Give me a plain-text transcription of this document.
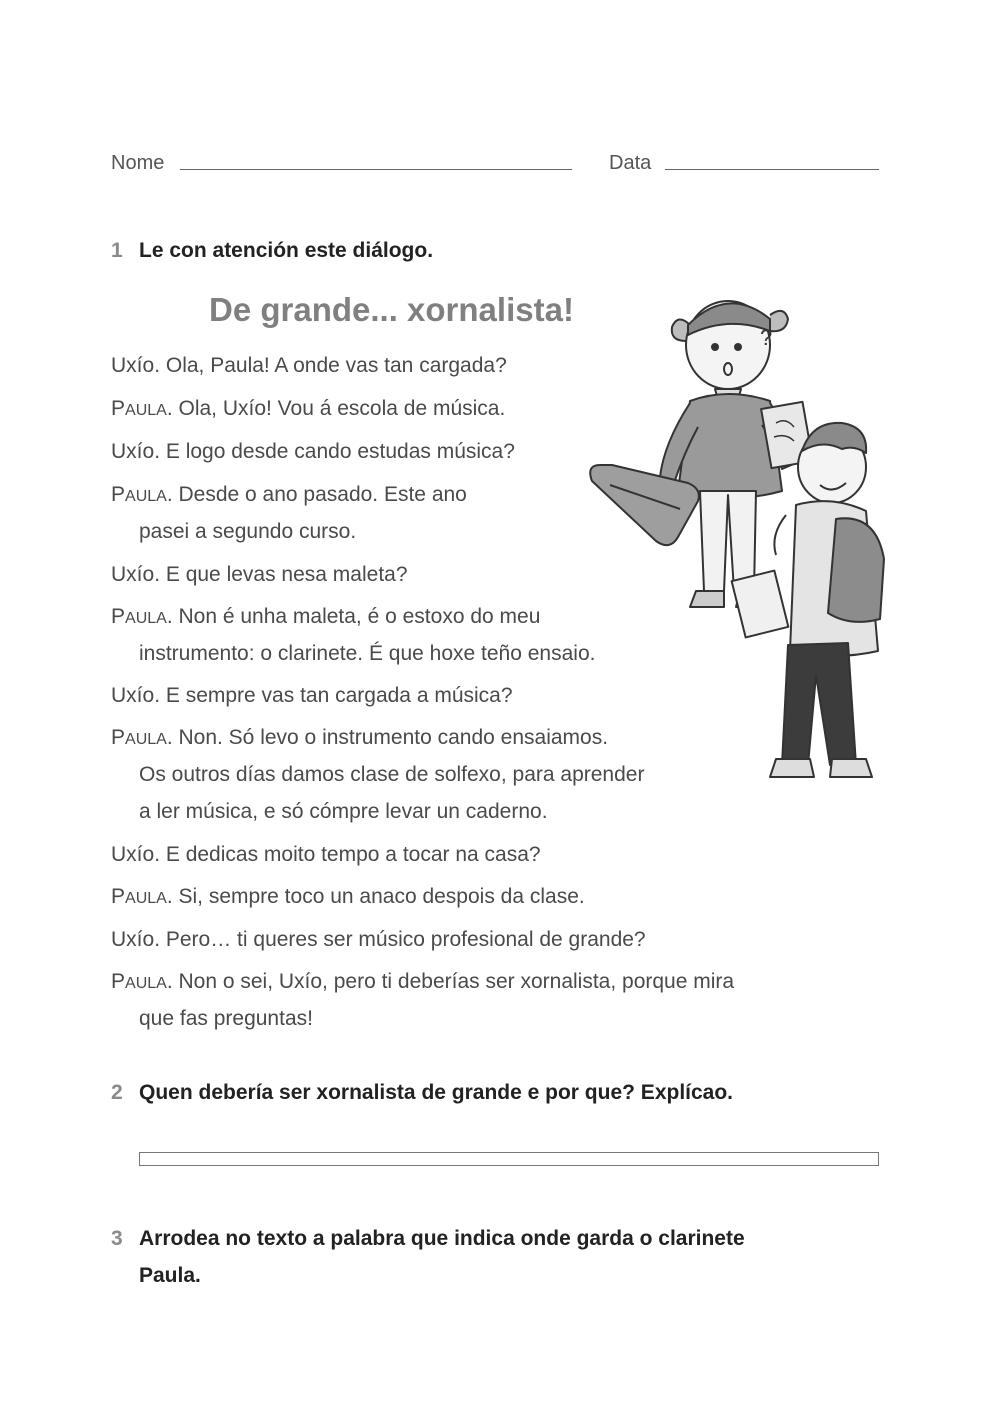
Nome	Data
1 Le con atención este diálogo.
De grande... xornalista!
Uxío. Ola, Paula! A onde vas tan cargada?
PAULA. Ola, Uxío! Vou á escola de música.
Uxío. E logo desde cando estudas música?
PAULA. Desde o ano pasado. Este ano
pasei a segundo curso.
Uxío. E que levas nesa maleta?
PAULA. Non é unha maleta, é o estoxo do meu
instrumento: o clarinete. É que hoxe teño ensaio.
Uxío. E sempre vas tan cargada a música?
PAULA. Non. Só levo o instrumento cando ensaiamos.
Os outros días damos clase de solfexo, para aprender
a ler música, e só cómpre levar un caderno.
Uxío. E dedicas moito tempo a tocar na casa?
PAULA. Si, sempre toco un anaco despois da clase.
Uxío. Pero… ti queres ser músico profesional de grande?
PAULA. Non o sei, Uxío, pero ti deberías ser xornalista, porque mira
que fas preguntas!
?
2 Quen debería ser xornalista de grande e por que? Explícao.
3 Arrodea no texto a palabra que indica onde garda o clarinete
Paula.
